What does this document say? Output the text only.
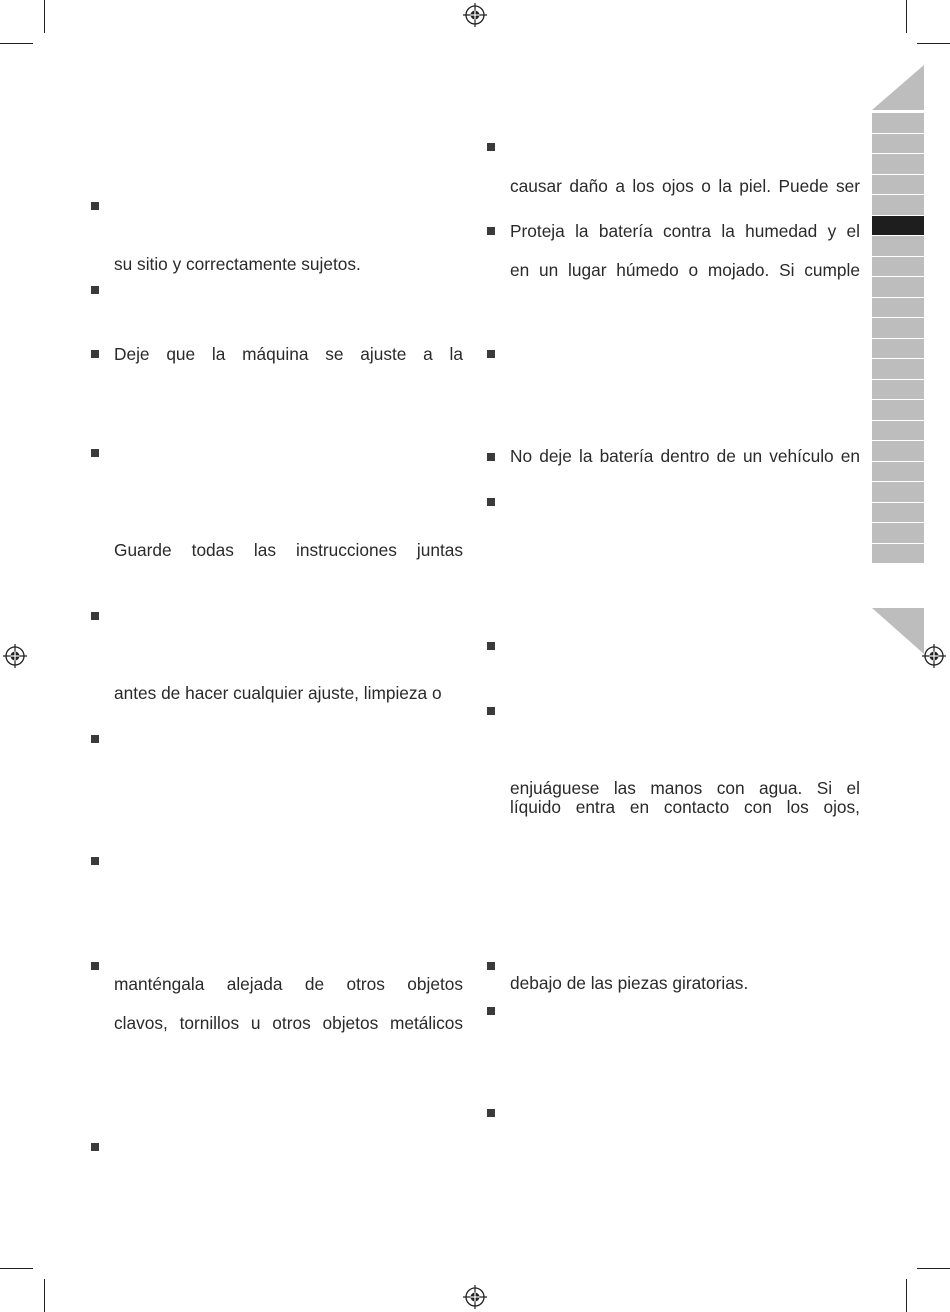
su sitio y correctamente sujetos.
Deje que la máquina se ajuste a la
Guarde todas las instrucciones juntas
antes de hacer cualquier ajuste, limpieza o
manténgala alejada de otros objetos
clavos, tornillos u otros objetos metálicos
causar daño a los ojos o la piel. Puede ser
Proteja la batería contra la humedad y el
en un lugar húmedo o mojado. Si cumple
No deje la batería dentro de un vehículo en
enjuáguese las manos con agua. Si el
líquido entra en contacto con los ojos,
debajo de las piezas giratorias.
